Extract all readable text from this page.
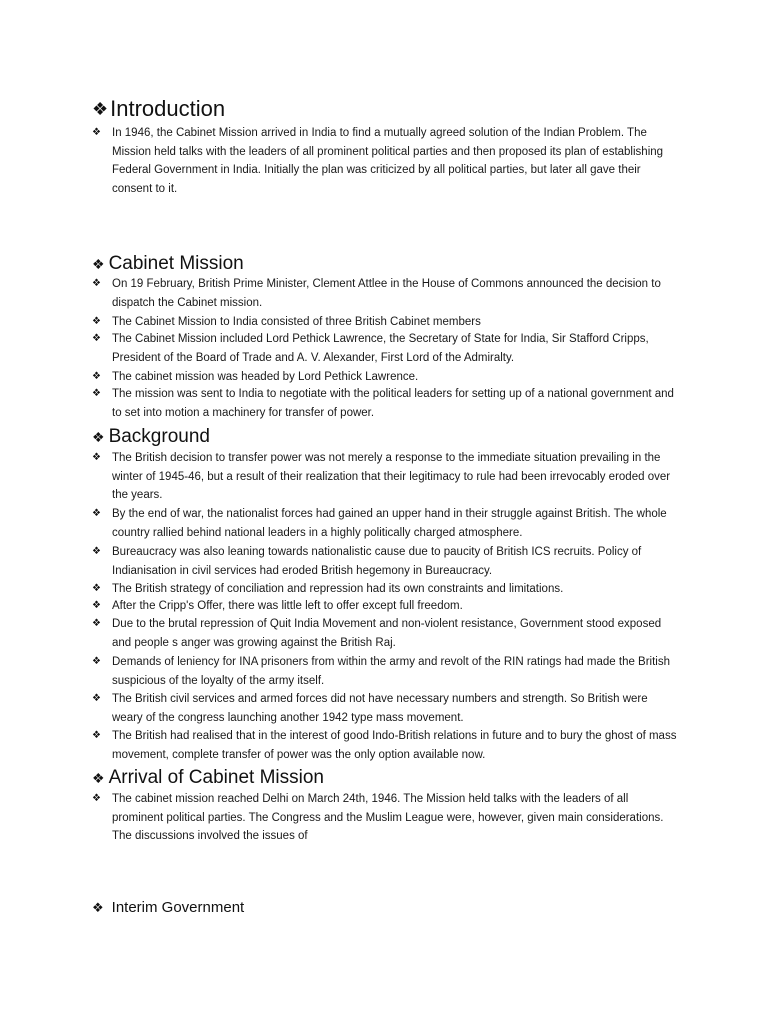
❖ Introduction
❖ In 1946, the Cabinet Mission arrived in India to find a mutually agreed solution of the Indian Problem. The Mission held talks with the leaders of all prominent political parties and then proposed its plan of establishing Federal Government in India. Initially the plan was criticized by all political parties, but later all gave their consent to it.
❖ Cabinet Mission
❖ On 19 February, British Prime Minister, Clement Attlee in the House of Commons announced the decision to dispatch the Cabinet mission.
❖ The Cabinet Mission to India consisted of three British Cabinet members
❖ The Cabinet Mission included Lord Pethick Lawrence, the Secretary of State for India, Sir Stafford Cripps, President of the Board of Trade and A. V. Alexander, First Lord of the Admiralty.
❖ The cabinet mission was headed by Lord Pethick Lawrence.
❖ The mission was sent to India to negotiate with the political leaders for setting up of a national government and to set into motion a machinery for transfer of power.
❖ Background
❖ The British decision to transfer power was not merely a response to the immediate situation prevailing in the winter of 1945-46, but a result of their realization that their legitimacy to rule had been irrevocably eroded over the years.
❖ By the end of war, the nationalist forces had gained an upper hand in their struggle against British. The whole country rallied behind national leaders in a highly politically charged atmosphere.
❖ Bureaucracy was also leaning towards nationalistic cause due to paucity of British ICS recruits. Policy of Indianisation in civil services had eroded British hegemony in Bureaucracy.
❖ The British strategy of conciliation and repression had its own constraints and limitations.
❖ After the Cripp's Offer, there was little left to offer except full freedom.
❖ Due to the brutal repression of Quit India Movement and non-violent resistance, Government stood exposed and people s anger was growing against the British Raj.
❖ Demands of leniency for INA prisoners from within the army and revolt of the RIN ratings had made the British suspicious of the loyalty of the army itself.
❖ The British civil services and armed forces did not have necessary numbers and strength. So British were weary of the congress launching another 1942 type mass movement.
❖ The British had realised that in the interest of good Indo-British relations in future and to bury the ghost of mass movement, complete transfer of power was the only option available now.
❖ Arrival of Cabinet Mission
❖ The cabinet mission reached Delhi on March 24th, 1946. The Mission held talks with the leaders of all prominent political parties. The Congress and the Muslim League were, however, given main considerations. The discussions involved the issues of
❖ Interim Government
